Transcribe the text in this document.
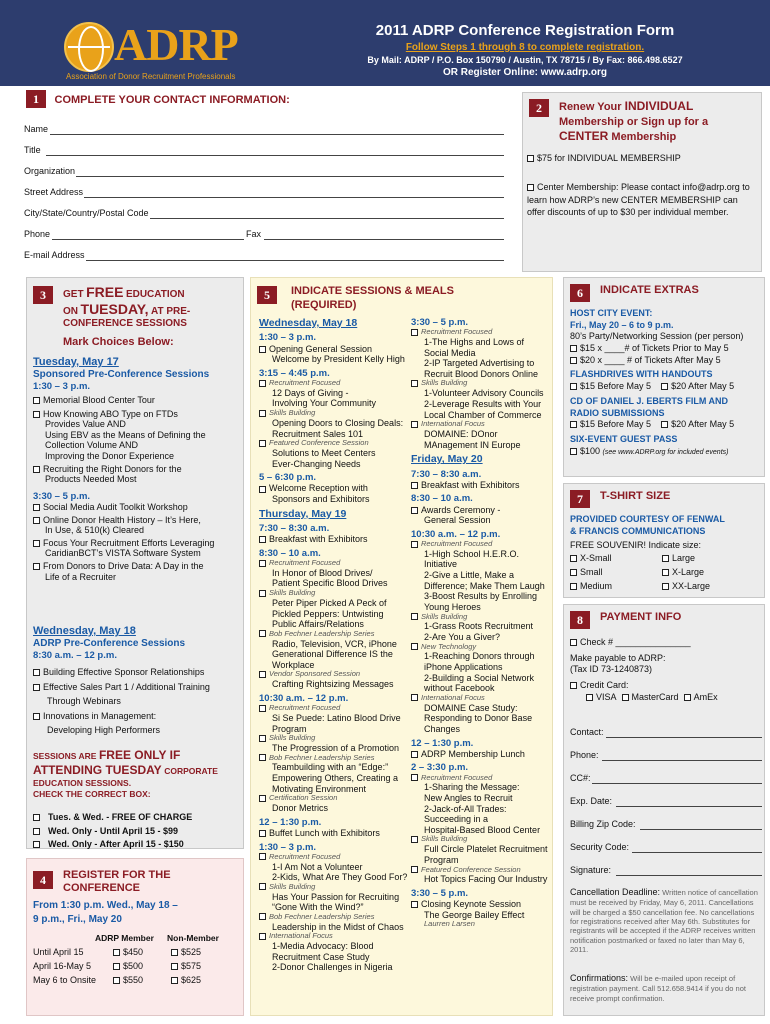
ADRP
Association of Donor Recruitment Professionals
2011 ADRP Conference Registration Form
Follow Steps 1 through 8 to complete registration.
By Mail: ADRP / P.O. Box 150790 / Austin, TX 78715 / By Fax: 866.498.6527
OR Register Online: www.adrp.org
1 COMPLETE YOUR CONTACT INFORMATION:
Name
Title
Organization
Street Address
City/State/Country/Postal Code
Phone	Fax
E-mail Address
2	Renew Your INDIVIDUAL
Membership or Sign up for a
CENTER Membership
$75 for INDIVIDUAL MEMBERSHIP
Center Membership: Please contact info@adrp.org to learn how ADRP’s new CENTER MEMBERSHIP can offer discounts of up to $30 per individual member.
3	GET FREE EDUCATION
ON TUESDAY, AT PRE-
CONFERENCE SESSIONS
Mark Choices Below:
Tuesday, May 17
Sponsored Pre-Conference Sessions
1:30 – 3 p.m.
Memorial Blood Center Tour
How Knowing ABO Type on FTDs
Provides Value AND
Using EBV as the Means of Defining the
Collection Volume AND
Improving the Donor Experience
Recruiting the Right Donors for the
Products Needed Most
3:30 – 5 p.m.
Social Media Audit Toolkit Workshop
Online Donor Health History – It’s Here,
In Use, & 510(k) Cleared
Focus Your Recruitment Efforts Leveraging
CaridianBCT’s VISTA Software System
From Donors to Drive Data: A Day in the
Life of a Recruiter
Wednesday, May 18
ADRP Pre-Conference Sessions
8:30 a.m. – 12 p.m.
Building Effective Sponsor Relationships
Effective Sales Part 1 / Additional Training
Through Webinars
Innovations in Management:
Developing High Performers
SESSIONS ARE FREE ONLY IF
ATTENDING TUESDAY CORPORATE
EDUCATION SESSIONS.
CHECK THE CORRECT BOX:
Tues. & Wed. - FREE OF CHARGE
Wed. Only - Until April 15 - $99
Wed. Only - After April 15 - $150
4	REGISTER FOR THE
CONFERENCE
From 1:30 p.m. Wed., May 18 –
9 p.m., Fri., May 20
ADRP Member Non-Member
Until April 15	$450	$525
April 16-May 5	$500	$575
May 6 to Onsite	$550	$625
5	INDICATE SESSIONS & MEALS
(REQUIRED)
Wednesday, May 18
1:30 – 3 p.m.
Opening General Session
Welcome by President Kelly High
3:15 – 4:45 p.m.
Recruitment Focused
12 Days of Giving -
Involving Your Community
Skills Building
Opening Doors to Closing Deals:
Recruitment Sales 101
Featured Conference Session
Solutions to Meet Centers
Ever-Changing Needs
5 – 6:30 p.m.
Welcome Reception with
Sponsors and Exhibitors
Thursday, May 19
7:30 – 8:30 a.m.
Breakfast with Exhibitors
8:30 – 10 a.m.
Recruitment Focused
In Honor of Blood Drives/
Patient Specific Blood Drives
Skills Building
Peter Piper Picked A Peck of
Pickled Peppers: Untwisting
Public Affairs/Relations
Bob Fechner Leadership Series
Radio, Television, VCR, iPhone
Generational Difference IS the
Workplace
Vendor Sponsored Session
Crafting Rightsizing Messages
10:30 a.m. – 12 p.m.
Recruitment Focused
Si Se Puede: Latino Blood Drive
Program
Skills Building
The Progression of a Promotion
Bob Fechner Leadership Series
Teambuilding with an “Edge:”
Empowering Others, Creating a
Motivating Environment
Certification Session
Donor Metrics
12 – 1:30 p.m.
Buffet Lunch with Exhibitors
1:30 – 3 p.m.
Recruitment Focused
1-I Am Not a Volunteer
2-Kids, What Are They Good For?
Skills Building
Has Your Passion for Recruiting
“Gone With the Wind?”
Bob Fechner Leadership Series
Leadership in the Midst of Chaos
International Focus
1-Media Advocacy: Blood
Recruitment Case Study
2-Donor Challenges in Nigeria
3:30 – 5 p.m.
Recruitment Focused
1-The Highs and Lows of
Social Media
2-IP Targeted Advertising to
Recruit Blood Donors Online
Skills Building
1-Volunteer Advisory Councils
2-Leverage Results with Your
Local Chamber of Commerce
International Focus
DOMAINE: DOnor
MAnagement IN Europe
Friday, May 20
7:30 – 8:30 a.m.
Breakfast with Exhibitors
8:30 – 10 a.m.
Awards Ceremony -
General Session
10:30 a.m. – 12 p.m.
Recruitment Focused
1-High School H.E.R.O.
Initiative
2-Give a Little, Make a
Difference; Make Them Laugh
3-Boost Results by Enrolling
Young Heroes
Skills Building
1-Grass Roots Recruitment
2-Are You a Giver?
New Technology
1-Reaching Donors through
iPhone Applications
2-Building a Social Network
without Facebook
International Focus
DOMAINE Case Study:
Responding to Donor Base
Changes
12 – 1:30 p.m.
ADRP Membership Lunch
2 – 3:30 p.m.
Recruitment Focused
1-Sharing the Message:
New Angles to Recruit
2-Jack-of-All Trades:
Succeeding in a
Hospital-Based Blood Center
Skills Building
Full Circle Platelet Recruitment
Program
Featured Conference Session
Hot Topics Facing Our Industry
3:30 – 5 p.m.
Closing Keynote Session
The George Bailey Effect
Laurren Larsen
6	INDICATE EXTRAS
HOST CITY EVENT:
Fri., May 20 – 6 to 9 p.m.
80’s Party/Networking Session (per person)
$15 x ____# of Tickets Prior to May 5
$20 x ____ # of Tickets After May 5
FLASHDRIVES WITH HANDOUTS
$15 Before May 5 $20 After May 5
CD OF DANIEL J. EBERTS FILM AND
RADIO SUBMISSIONS
$15 Before May 5 $20 After May 5
SIX-EVENT GUEST PASS
$100 (see www.ADRP.org for included events)
7	T-SHIRT SIZE
PROVIDED COURTESY OF FENWAL
& FRANCIS COMMUNICATIONS
FREE SOUVENIR! Indicate size:
X-Small	Large
Small	X-Large
Medium	XX-Large
8	PAYMENT INFO
Check # _______________
Make payable to ADRP:
(Tax ID 73-1240873)
Credit Card:
VISA MasterCard AmEx
Contact:
Phone:
CC#:
Exp. Date:
Billing Zip Code:
Security Code:
Signature:
Cancellation Deadline: Written notice of cancellation must be received by Friday, May 6, 2011. Cancellations will be charged a $50 cancellation fee. No cancellations for registrations received after May 6th. Substitutes for registrants will be accepted if the ADRP receives written notification postmarked or faxed no later than May 6, 2011.
Confirmations: Will be e-mailed upon receipt of registration payment. Call 512.658.9414 if you do not receive prompt confirmation.
